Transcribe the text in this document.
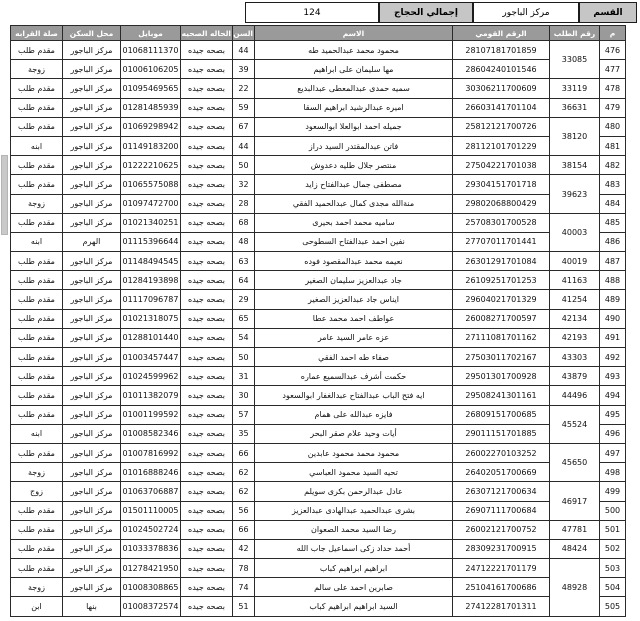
القسم
مركز الباجور
إجمالي الحجاج
124
م	رقم الطلب	الرقم القومي	الاسم	السن	الحاله الصحيه	موبايل	محل السكن	صلة القرابه
476	33085	28107181701859	محمود محمد عبدالحميد طه	44	بصحه جيده	01068111370	مركز الباجور	مقدم طلب
477		28604240101546	مها سليمان على ابراهيم	39	بصحه جيده	01006106205	مركز الباجور	زوجة
478	33119	30306211700609	سميه حمدى عبدالمعطى عبدالبديع	22	بصحه جيده	01095469565	مركز الباجور	مقدم طلب
479	36631	26603141701104	اميره عبدالرشيد ابراهيم السقا	59	بصحه جيده	01281485939	مركز الباجور	مقدم طلب
480	38120	25812121700726	جميله احمد ابوالعلا ابوالسعود	67	بصحه جيده	01069298942	مركز الباجور	مقدم طلب
481		28112101701229	فاتن عبدالمقتدر السيد دراز	44	بصحه جيده	01149183200	مركز الباجور	ابنه
482	38154	27504221701038	منتصر جلال طليه دعدوش	50	بصحه جيده	01222210625	مركز الباجور	مقدم طلب
483	39623	29304151701718	مصطفى جمال عبدالفتاح زايد	32	بصحه جيده	01065575088	مركز الباجور	مقدم طلب
484		29802068800429	منةالله مجدى كمال عبدالحميد الفقي	28	بصحه جيده	01097472700	مركز الباجور	زوجة
485	40003	25708301700528	ساميه محمد احمد بحيرى	68	بصحه جيده	01021340251	مركز الباجور	مقدم طلب
486		27707011701441	نفين احمد عبدالفتاح السطوحى	48	بصحه جيده	01115396644	الهرم	ابنه
487	40019	26301291701084	نعيمه محمد عبدالمقصود فوده	63	بصحه جيده	01148494545	مركز الباجور	مقدم طلب
488	41163	26109251701253	جاد عبدالعزيز سليمان الصغير	64	بصحه جيده	01284193898	مركز الباجور	مقدم طلب
489	41254	29604021701329	ايناس جاد عبدالعزيز الصغير	29	بصحه جيده	01117096787	مركز الباجور	مقدم طلب
490	42134	26008271700597	عواطف احمد محمد عطا	65	بصحه جيده	01021318075	مركز الباجور	مقدم طلب
491	42193	27111081701162	عزه عامر السيد عامر	54	بصحه جيده	01288101440	مركز الباجور	مقدم طلب
492	43303	27503011702167	صفاء طه احمد الفقي	50	بصحه جيده	01003457447	مركز الباجور	مقدم طلب
493	43879	29501301700928	حكمت أشرف عبدالسميع عماره	31	بصحه جيده	01024599962	مركز الباجور	مقدم طلب
494	44496	29508241301161	ايه فتح الباب عبدالفتاح عبدالغفار ابوالسعود	30	بصحه جيده	01011382079	مركز الباجور	مقدم طلب
495	45524	26809151700685	فايزه عبدالله على همام	57	بصحه جيده	01001199592	مركز الباجور	مقدم طلب
496		29011151701885	أيات وحيد علام صقر البحر	35	بصحه جيده	01008582346	مركز الباجور	ابنه
497	45650	26002270103252	محمود محمد محمود عابدين	66	بصحه جيده	01007816992	مركز الباجور	مقدم طلب
498		26402051700669	تحيه السيد محمود العباسي	62	بصحه جيده	01016888246	مركز الباجور	زوجة
499	46917	26307121700634	عادل عبدالرحمن بكرى سويلم	62	بصحه جيده	01063706887	مركز الباجور	زوج
500		26907111700684	بشرى عبدالحميد عبدالهادى عبدالعزيز	56	بصحه جيده	01501110005	مركز الباجور	مقدم طلب
501	47781	26002121700752	رضا السيد محمد الصعوان	66	بصحه جيده	01024502724	مركز الباجور	مقدم طلب
502	48424	28309231700915	أحمد حداد زكى اسماعيل جاب الله	42	بصحه جيده	01033378836	مركز الباجور	مقدم طلب
503	48928	24712221701179	ابراهيم ابراهيم كباب	78	بصحه جيده	01278421950	مركز الباجور	مقدم طلب
504		25104161700686	صابرين احمد على سالم	74	بصحه جيده	01008308865	مركز الباجور	زوجة
505		27412281701311	السيد ابراهيم ابراهيم كباب	51	بصحه جيده	01008372574	بنها	ابن
